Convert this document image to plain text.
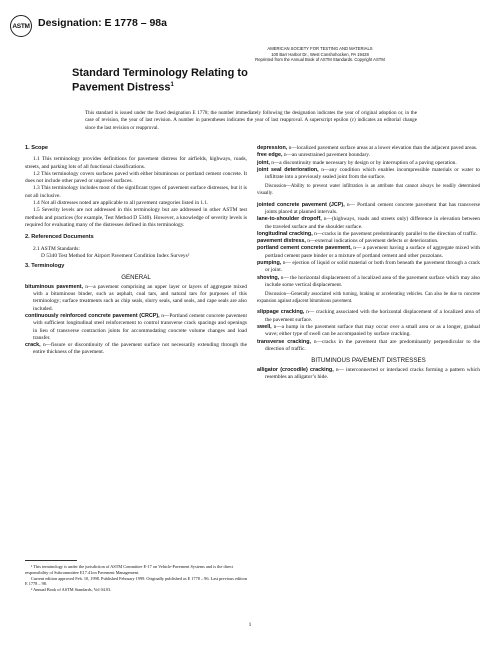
ASTM Designation: E 1778 – 98a
AMERICAN SOCIETY FOR TESTING AND MATERIALS
100 Barr Harbor Dr., West Conshohocken, PA 19428
Reprinted from the Annual Book of ASTM Standards. Copyright ASTM
Standard Terminology Relating to
Pavement Distress$^1$
This standard is issued under the fixed designation E 1778; the number immediately following the designation indicates the year of original adoption or, in the case of revision, the year of last revision. A number in parentheses indicates the year of last reapproval. A superscript epsilon (ε) indicates an editorial change since the last revision or reapproval.
1. Scope

1.1 This terminology provides definitions for pavement distress for airfields, highways, roads, streets, and parking lots of all functional classifications.

1.2 This terminology covers surfaces paved with either bituminous or portland cement concrete. It does not include other paved or unpaved surfaces.

1.3 This terminology includes most of the significant types of pavement surface distresses, but it is not all inclusive.

1.4 Not all distresses noted are applicable to all pavement categories listed in 1.1.

1.5 Severity levels are not addressed in this terminology but are addressed in other ASTM test methods and practices (for example, Test Method D 5340). However, a knowledge of severity levels is required for evaluating many of the distresses defined in this terminology.

2. Referenced Documents

2.1 ASTM Standards:

D 5340 Test Method for Airport Pavement Condition Index Surveys²

3. Terminology
GENERAL

bituminous pavement, n—a pavement comprising an upper layer or layers of aggregate mixed with a bituminous binder, such as asphalt, coal tars, and natural tars for purposes of this terminology; surface treatments such as chip seals, slurry seals, sand seals, and cape seals are also included.

continuously reinforced concrete pavement (CRCP), n—Portland cement concrete pavement with sufficient longitudinal steel reinforcement to control transverse crack spacings and openings in lieu of transverse contraction joints for accommodating concrete volume changes and load transfer.

crack, n—fissure or discontinuity of the pavement surface not necessarily extending through the entire thickness of the pavement.

¹ This terminology is under the jurisdiction of ASTM Committee E-17 on Vehicle-Pavement Systems and is the direct responsibility of Subcommittee E17.41on Pavement Management.

Current edition approved Feb. 10, 1998. Published February 1999. Originally published as E 1778 – 96. Last previous edition E 1778 – 98.

² Annual Book of ASTM Standards, Vol 04.03.

depression, n—localized pavement surface areas at a lower elevation than the adjacent paved areas.

free edge, n—an unrestrained pavement boundary.

joint, n—a discontinuity made necessary by design or by interruption of a paving operation.

joint seal deterioration, n—any condition which enables incompressible materials or water to infiltrate into a previously sealed joint from the surface.

Discussion—Ability to prevent water infiltration is an attribute that cannot always be readily determined visually.

jointed concrete pavement (JCP), n— Portland cement concrete pavement that has transverse joints placed at planned intervals.

lane-to-shoulder dropoff, n—(highways, roads and streets only) difference in elevation between the traveled surface and the shoulder surface.

longitudinal cracking, n—cracks in the pavement predominantly parallel to the direction of traffic.

pavement distress, n—external indications of pavement defects or deterioration.

portland cement concrete pavement, n— a pavement having a surface of aggregate mixed with portland cement paste binder or a mixture of portland cement and other pozzolans.

pumping, n— ejection of liquid or solid material or both from beneath the pavement through a crack or joint.

shoving, n— the horizontal displacement of a localized area of the pavement surface which may also include some vertical displacement.

Discussion—Generally associated with turning, braking or accelerating vehicles. Can also be due to concrete expansion against adjacent bituminous pavement.

slippage cracking, n— cracking associated with the horizontal displacement of a localized area of the pavement surface.

swell, n—a hump in the pavement surface that may occur over a small area or as a longer, gradual wave; either type of swell can be accompanied by surface cracking.

transverse cracking, n—cracks in the pavement that are predominantly perpendicular to the direction of traffic.

BITUMINOUS PAVEMENT DISTRESSES

alligator (crocodile) cracking, n— interconnected or interlaced cracks forming a pattern which resembles an alligator’s hide.

1
